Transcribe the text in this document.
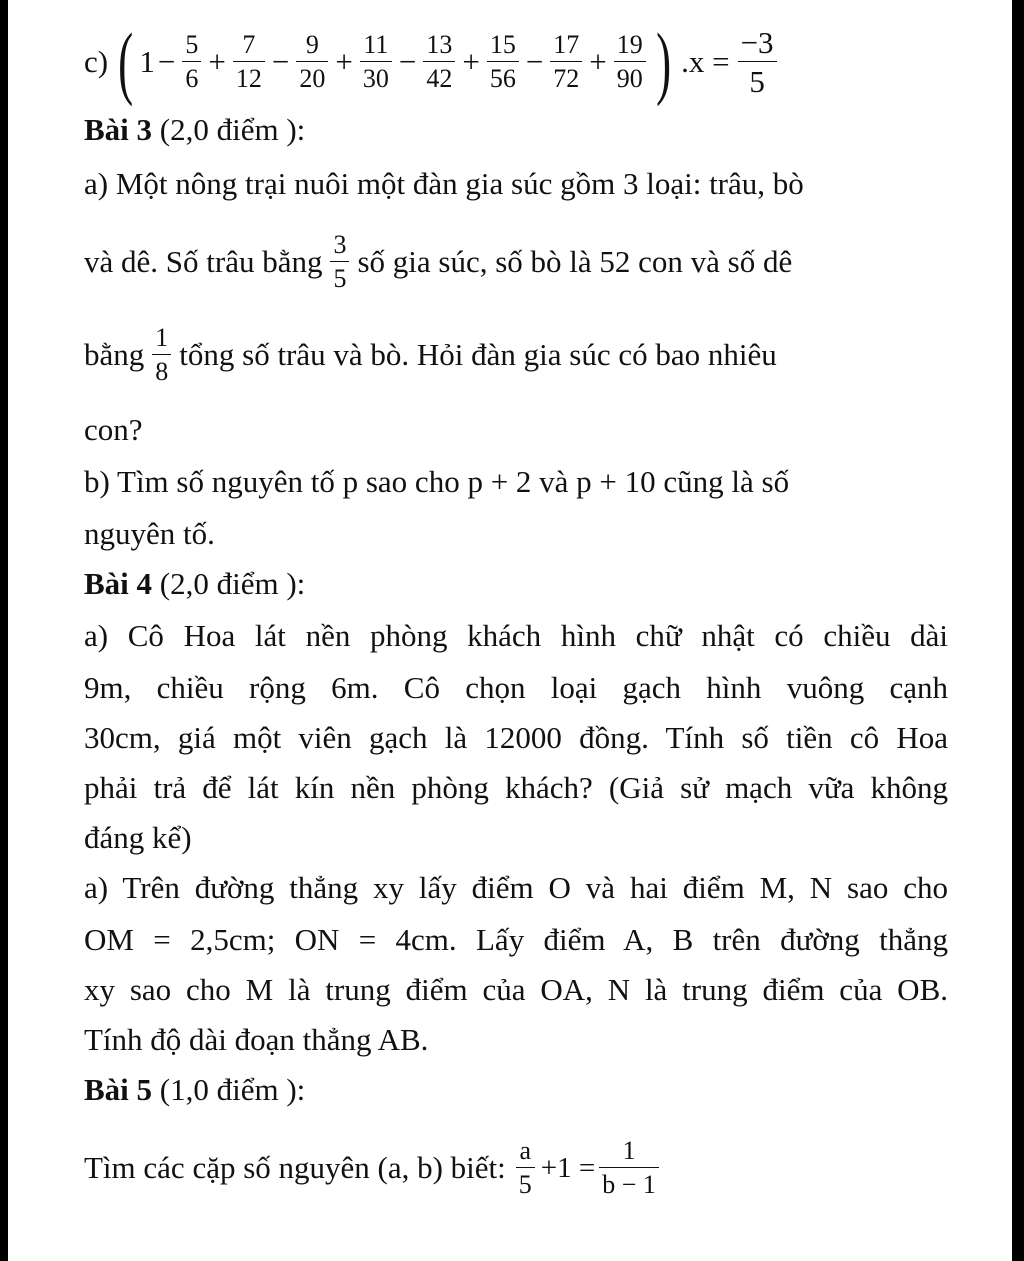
c) ( $1 - \frac{5}{6} + \frac{7}{12} - \frac{9}{20} + \frac{11}{30} - \frac{13}{42} + \frac{15}{56} - \frac{17}{72} + \frac{19}{90}$ ) $.x = \frac{-3}{5}$
Bài 3 (2,0 điểm ):
a) Một nông trại nuôi một đàn gia súc gồm 3 loại: trâu, bò
và dê. Số trâu bằng $\frac{3}{5}$ số gia súc, số bò là 52 con và số dê
bằng $\frac{1}{8}$ tổng số trâu và bò. Hỏi đàn gia súc có bao nhiêu
con?
b) Tìm số nguyên tố p sao cho p + 2 và p + 10 cũng là số
nguyên tố.
Bài 4 (2,0 điểm ):
a) Cô Hoa lát nền phòng khách hình chữ nhật có chiều dài
9m, chiều rộng 6m. Cô chọn loại gạch hình vuông cạnh
30cm, giá một viên gạch là 12000 đồng. Tính số tiền cô Hoa
phải trả để lát kín nền phòng khách? (Giả sử mạch vữa không
đáng kể)
a) Trên đường thẳng xy lấy điểm O và hai điểm M, N sao cho
OM = 2,5cm; ON = 4cm. Lấy điểm A, B trên đường thẳng
xy sao cho M là trung điểm của OA, N là trung điểm của OB.
Tính độ dài đoạn thẳng AB.
Bài 5 (1,0 điểm ):
Tìm các cặp số nguyên (a, b) biết: $\frac{a}{5} +1 = \frac{1}{b - 1}$
